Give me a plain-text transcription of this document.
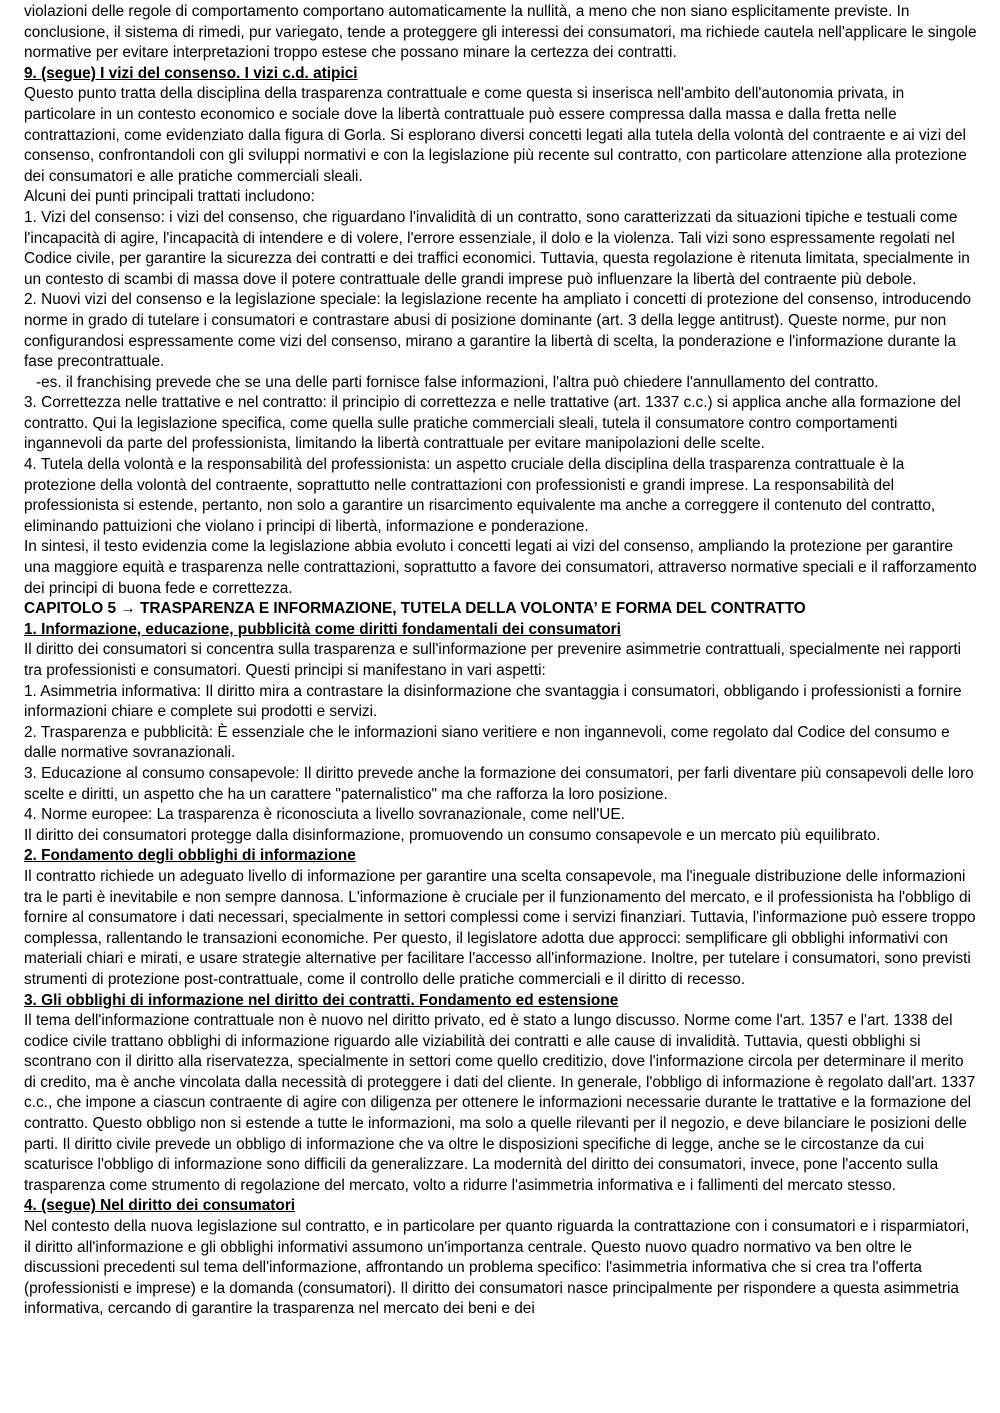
violazioni delle regole di comportamento comportano automaticamente la nullità, a meno che non siano esplicitamente previste. In conclusione, il sistema di rimedi, pur variegato, tende a proteggere gli interessi dei consumatori, ma richiede cautela nell'applicare le singole normative per evitare interpretazioni troppo estese che possano minare la certezza dei contratti.

9. (segue) I vizi del consenso. I vizi c.d. atipici

Questo punto tratta della disciplina della trasparenza contrattuale e come questa si inserisca nell'ambito dell'autonomia privata, in particolare in un contesto economico e sociale dove la libertà contrattuale può essere compressa dalla massa e dalla fretta nelle contrattazioni, come evidenziato dalla figura di Gorla. Si esplorano diversi concetti legati alla tutela della volontà del contraente e ai vizi del consenso, confrontandoli con gli sviluppi normativi e con la legislazione più recente sul contratto, con particolare attenzione alla protezione dei consumatori e alle pratiche commerciali sleali.

Alcuni dei punti principali trattati includono:

1. Vizi del consenso: i vizi del consenso, che riguardano l'invalidità di un contratto, sono caratterizzati da situazioni tipiche e testuali come l'incapacità di agire, l'incapacità di intendere e di volere, l'errore essenziale, il dolo e la violenza. Tali vizi sono espressamente regolati nel Codice civile, per garantire la sicurezza dei contratti e dei traffici economici. Tuttavia, questa regolazione è ritenuta limitata, specialmente in un contesto di scambi di massa dove il potere contrattuale delle grandi imprese può influenzare la libertà del contraente più debole.

2. Nuovi vizi del consenso e la legislazione speciale: la legislazione recente ha ampliato i concetti di protezione del consenso, introducendo norme in grado di tutelare i consumatori e contrastare abusi di posizione dominante (art. 3 della legge antitrust). Queste norme, pur non configurandosi espressamente come vizi del consenso, mirano a garantire la libertà di scelta, la ponderazione e l'informazione durante la fase precontrattuale.

-es. il franchising prevede che se una delle parti fornisce false informazioni, l'altra può chiedere l'annullamento del contratto.

3. Correttezza nelle trattative e nel contratto: il principio di correttezza e nelle trattative (art. 1337 c.c.) si applica anche alla formazione del contratto. Qui la legislazione specifica, come quella sulle pratiche commerciali sleali, tutela il consumatore contro comportamenti ingannevoli da parte del professionista, limitando la libertà contrattuale per evitare manipolazioni delle scelte.

4. Tutela della volontà e la responsabilità del professionista: un aspetto cruciale della disciplina della trasparenza contrattuale è la protezione della volontà del contraente, soprattutto nelle contrattazioni con professionisti e grandi imprese. La responsabilità del professionista si estende, pertanto, non solo a garantire un risarcimento equivalente ma anche a correggere il contenuto del contratto, eliminando pattuizioni che violano i principi di libertà, informazione e ponderazione.

In sintesi, il testo evidenzia come la legislazione abbia evoluto i concetti legati ai vizi del consenso, ampliando la protezione per garantire una maggiore equità e trasparenza nelle contrattazioni, soprattutto a favore dei consumatori, attraverso normative speciali e il rafforzamento dei principi di buona fede e correttezza.

CAPITOLO 5 → TRASPARENZA E INFORMAZIONE, TUTELA DELLA VOLONTA’ E FORMA DEL CONTRATTO
1. Informazione, educazione, pubblicità come diritti fondamentali dei consumatori

Il diritto dei consumatori si concentra sulla trasparenza e sull'informazione per prevenire asimmetrie contrattuali, specialmente nei rapporti tra professionisti e consumatori. Questi principi si manifestano in vari aspetti:

1. Asimmetria informativa: Il diritto mira a contrastare la disinformazione che svantaggia i consumatori, obbligando i professionisti a fornire informazioni chiare e complete sui prodotti e servizi.

2. Trasparenza e pubblicità: È essenziale che le informazioni siano veritiere e non ingannevoli, come regolato dal Codice del consumo e dalle normative sovranazionali.

3. Educazione al consumo consapevole: Il diritto prevede anche la formazione dei consumatori, per farli diventare più consapevoli delle loro scelte e diritti, un aspetto che ha un carattere "paternalistico" ma che rafforza la loro posizione.

4. Norme europee: La trasparenza è riconosciuta a livello sovranazionale, come nell'UE.

Il diritto dei consumatori protegge dalla disinformazione, promuovendo un consumo consapevole e un mercato più equilibrato.

2. Fondamento degli obblighi di informazione

Il contratto richiede un adeguato livello di informazione per garantire una scelta consapevole, ma l'ineguale distribuzione delle informazioni tra le parti è inevitabile e non sempre dannosa. L'informazione è cruciale per il funzionamento del mercato, e il professionista ha l'obbligo di fornire al consumatore i dati necessari, specialmente in settori complessi come i servizi finanziari. Tuttavia, l'informazione può essere troppo complessa, rallentando le transazioni economiche. Per questo, il legislatore adotta due approcci: semplificare gli obblighi informativi con materiali chiari e mirati, e usare strategie alternative per facilitare l'accesso all'informazione. Inoltre, per tutelare i consumatori, sono previsti strumenti di protezione post-contrattuale, come il controllo delle pratiche commerciali e il diritto di recesso.

3. Gli obblighi di informazione nel diritto dei contratti. Fondamento ed estensione

Il tema dell'informazione contrattuale non è nuovo nel diritto privato, ed è stato a lungo discusso. Norme come l'art. 1357 e l'art. 1338 del codice civile trattano obblighi di informazione riguardo alle viziabilità dei contratti e alle cause di invalidità. Tuttavia, questi obblighi si scontrano con il diritto alla riservatezza, specialmente in settori come quello creditizio, dove l'informazione circola per determinare il merito di credito, ma è anche vincolata dalla necessità di proteggere i dati del cliente. In generale, l'obbligo di informazione è regolato dall'art. 1337 c.c., che impone a ciascun contraente di agire con diligenza per ottenere le informazioni necessarie durante le trattative e la formazione del contratto. Questo obbligo non si estende a tutte le informazioni, ma solo a quelle rilevanti per il negozio, e deve bilanciare le posizioni delle parti. Il diritto civile prevede un obbligo di informazione che va oltre le disposizioni specifiche di legge, anche se le circostanze da cui scaturisce l'obbligo di informazione sono difficili da generalizzare. La modernità del diritto dei consumatori, invece, pone l'accento sulla trasparenza come strumento di regolazione del mercato, volto a ridurre l'asimmetria informativa e i fallimenti del mercato stesso.

4. (segue) Nel diritto dei consumatori

Nel contesto della nuova legislazione sul contratto, e in particolare per quanto riguarda la contrattazione con i consumatori e i risparmiatori, il diritto all'informazione e gli obblighi informativi assumono un'importanza centrale. Questo nuovo quadro normativo va ben oltre le discussioni precedenti sul tema dell'informazione, affrontando un problema specifico: l'asimmetria informativa che si crea tra l'offerta (professionisti e imprese) e la domanda (consumatori). Il diritto dei consumatori nasce principalmente per rispondere a questa asimmetria informativa, cercando di garantire la trasparenza nel mercato dei beni e dei
